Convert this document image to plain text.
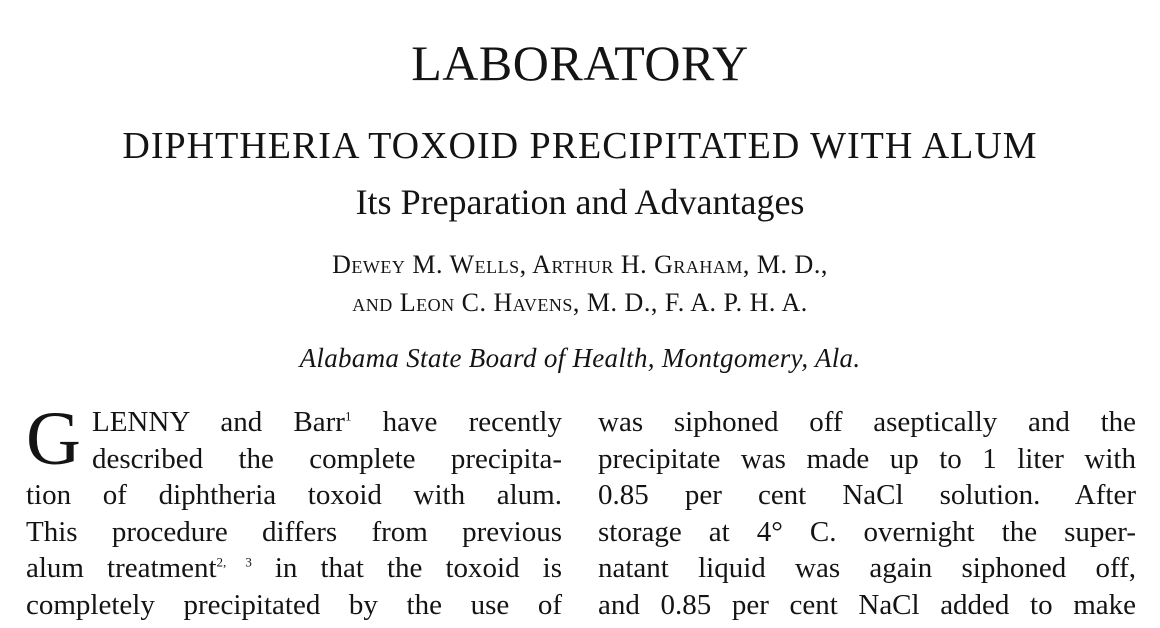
LABORATORY
DIPHTHERIA TOXOID PRECIPITATED WITH ALUM
Its Preparation and Advantages
Dewey M. Wells, Arthur H. Graham, M. D.,
and Leon C. Havens, M. D., F. A. P. H. A.
Alabama State Board of Health, Montgomery, Ala.
G LENNY and Barr$^1$ have recently
described the complete precipita-
tion of diphtheria toxoid with alum.
This procedure differs from previous
alum treatment$^{2, 3}$ in that the toxoid is
completely precipitated by the use of
was siphoned off aseptically and the
precipitate was made up to 1 liter with
0.85 per cent NaCl solution. After
storage at 4° C. overnight the super-
natant liquid was again siphoned off,
and 0.85 per cent NaCl added to make
